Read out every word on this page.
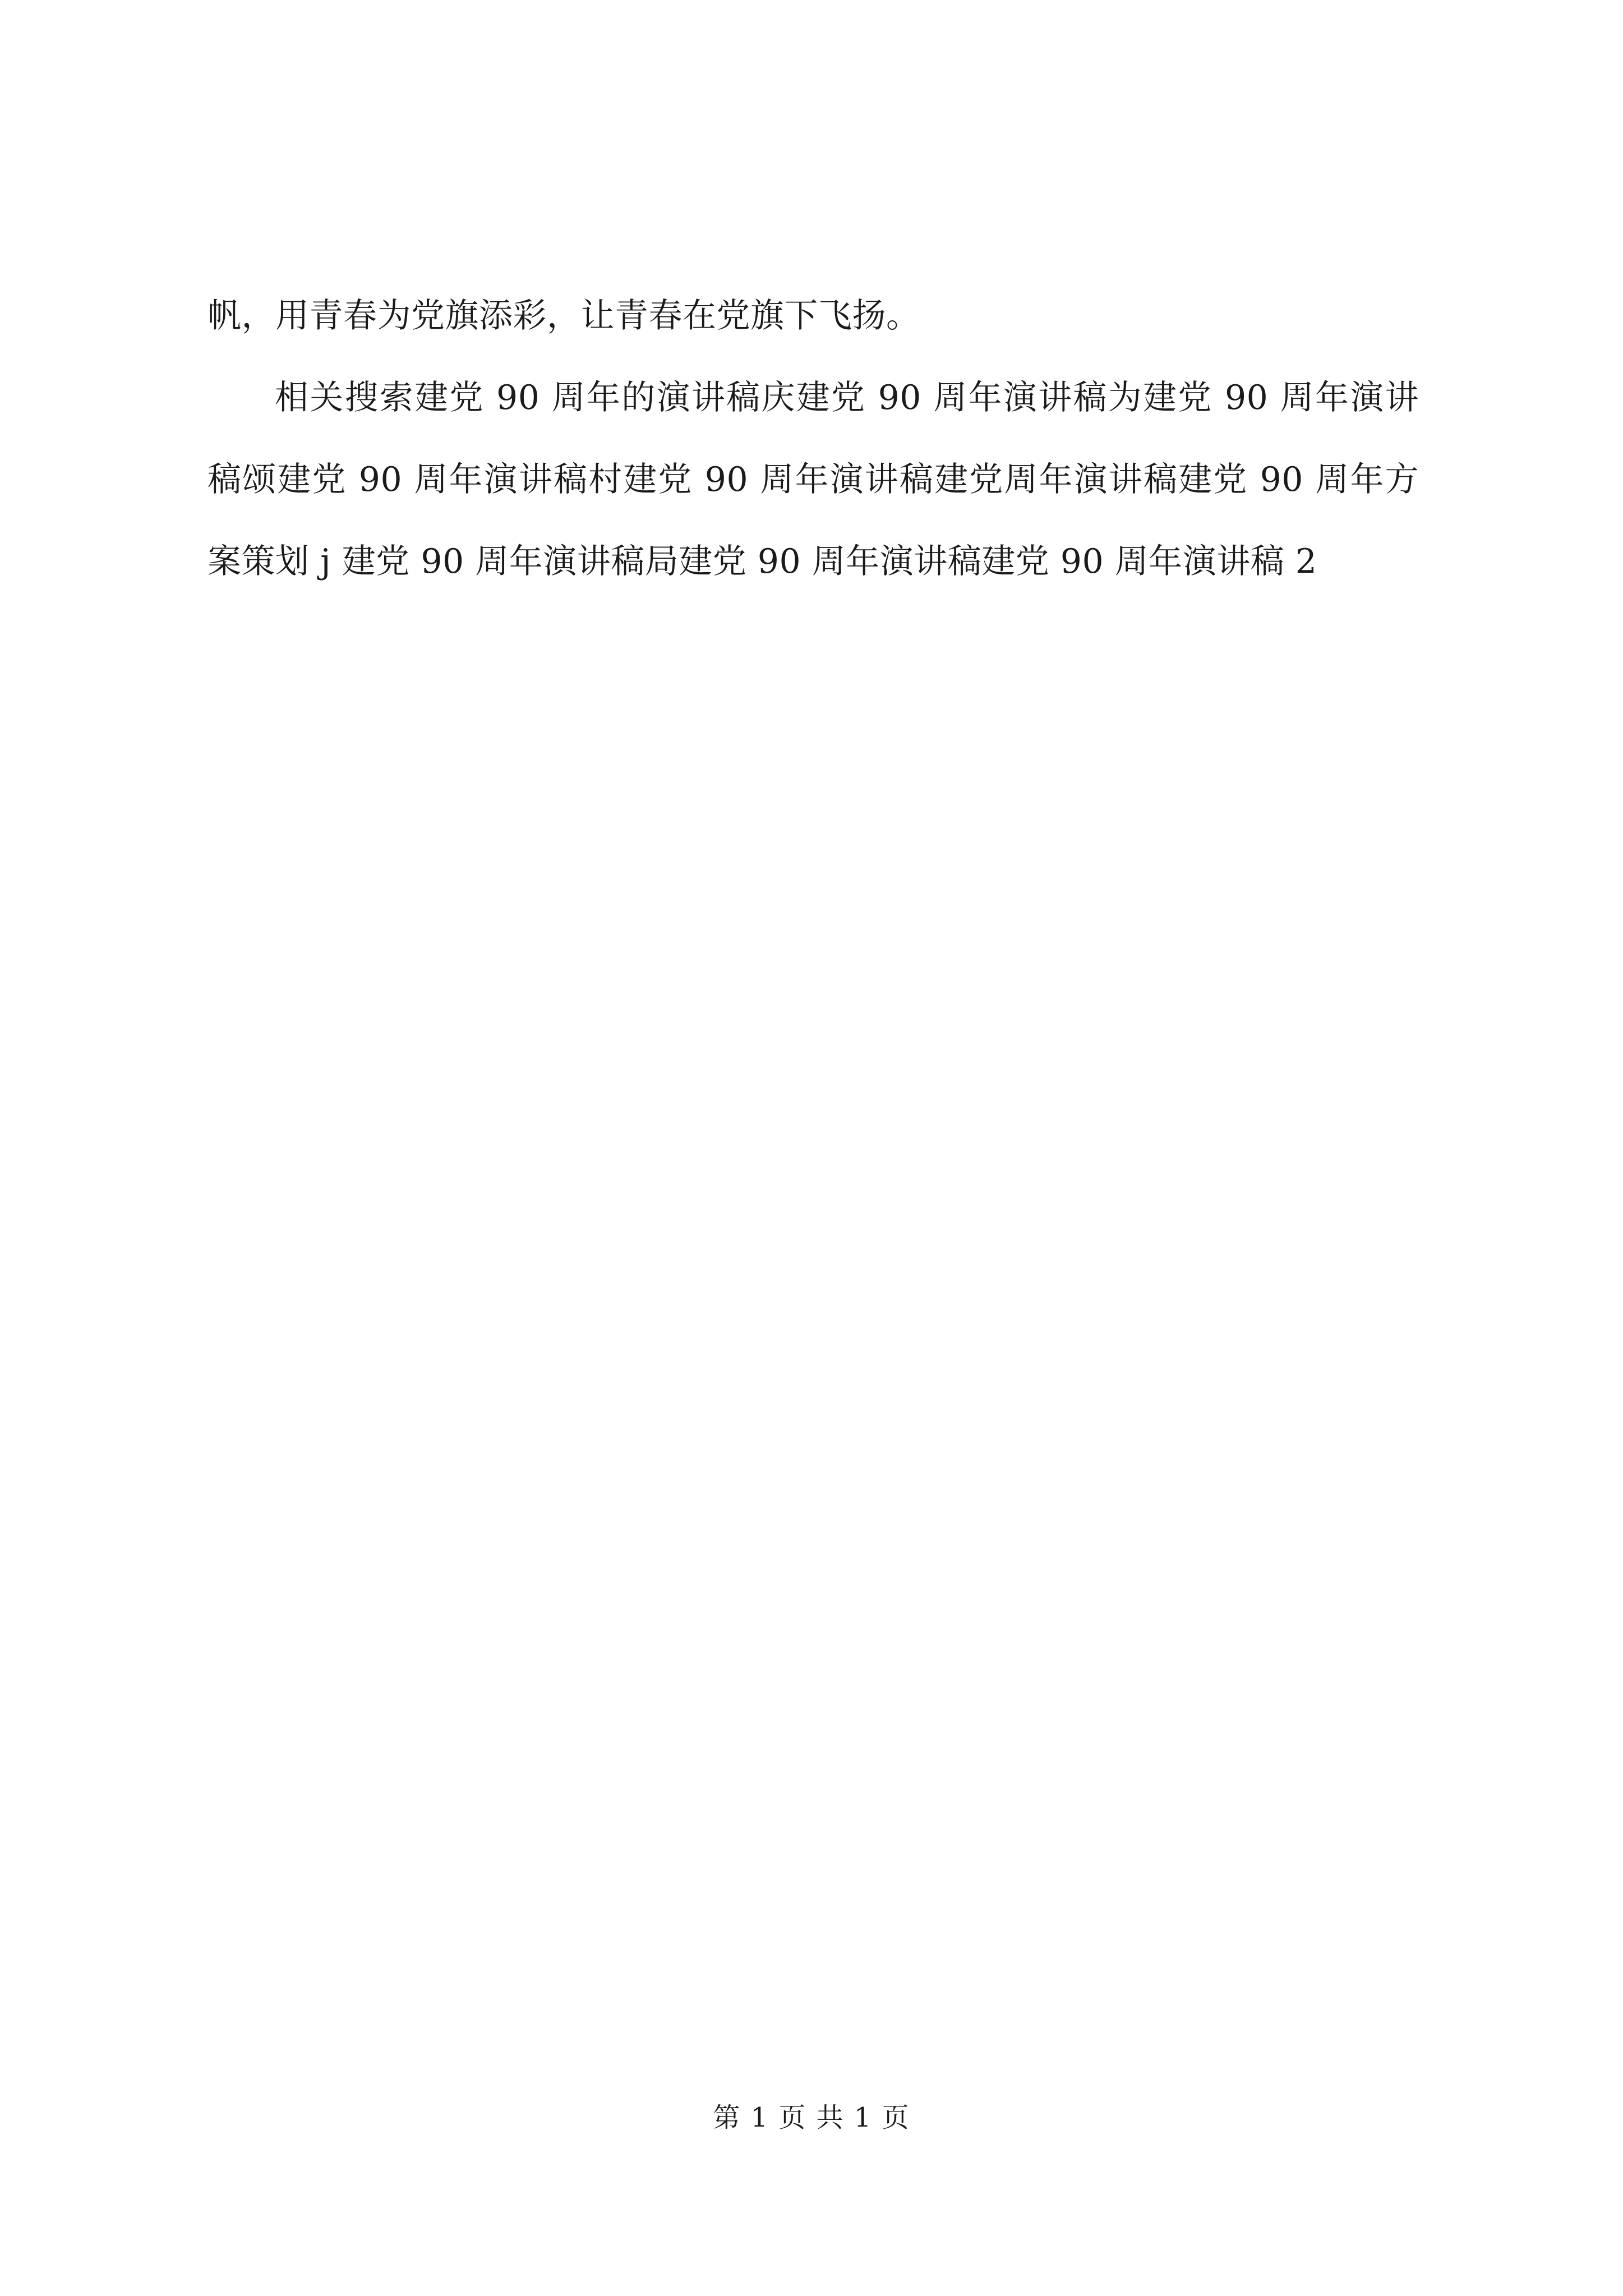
帆，用青春为党旗添彩，让青春在党旗下飞扬。

相关搜索建党 90 周年的演讲稿庆建党 90 周年演讲稿为建党 90 周年演讲稿颂建党 90 周年演讲稿村建党 90 周年演讲稿建党周年演讲稿建党 90 周年方案策划 j 建党 90 周年演讲稿局建党 90 周年演讲稿建党 90 周年演讲稿 2

第 1 页 共 1 页
